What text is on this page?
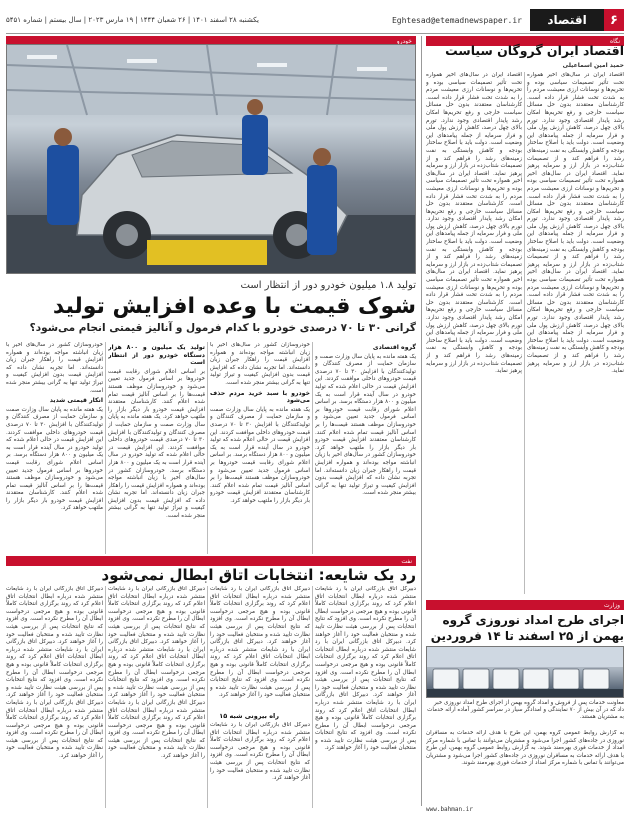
۶
اقتصاد
Eghtesad@etemadnewspaper.ir
یکشنبه ۲۸ اسفند ۱۴۰۱ | ۲۶ شعبان ۱۴۴۴ | ۱۹ مارس ۲۰۲۳ | سال بیستم | شماره ۵۴۵۱
خودرو	نگاه
تولید ۱.۸ میلیون خودرو دور از انتظار است
شوک قیمت با وعده افزایش تولید
گرانی ۳۰ تا ۷۰ درصدی خودرو با کدام فرمول و آنالیز قیمتی انجام می‌شود؟
گروه اقتصادی
یک هفته مانده به پایان سال وزارت صمت و سازمان حمایت از مصرف کنندگان و تولیدکنندگان با افزایش ۳۰ تا ۷۰ درصدی قیمت خودروهای داخلی موافقت کردند. این افزایش قیمت در حالی اعلام شده که تولید خودرو در سال آینده قرار است به یک میلیون و ۸۰۰ هزار دستگاه برسد. بر اساس اعلام شورای رقابت قیمت خودروها بر اساس فرمول جدید تعیین می‌شود و خودروسازان موظف هستند قیمت‌ها را بر اساس آنالیز قیمت تمام شده اعلام کنند. کارشناسان معتقدند افزایش قیمت خودرو بار دیگر بازار را ملتهب خواهد کرد. خودروسازان کشور در سال‌های اخیر با زیان انباشته مواجه بوده‌اند و همواره افزایش قیمت را راهکار جبران زیان دانسته‌اند. اما تجربه نشان داده که افزایش قیمت بدون افزایش کیفیت و تیراژ تولید تنها به گرانی بیشتر منجر شده است.
خودروسازان کشور در سال‌های اخیر با زیان انباشته مواجه بوده‌اند و همواره افزایش قیمت را راهکار جبران زیان دانسته‌اند. اما تجربه نشان داده که افزایش قیمت بدون افزایش کیفیت و تیراژ تولید تنها به گرانی بیشتر منجر شده است.
خودرو با سبد خرید مردم حذف می‌شود
یک هفته مانده به پایان سال وزارت صمت و سازمان حمایت از مصرف کنندگان و تولیدکنندگان با افزایش ۳۰ تا ۷۰ درصدی قیمت خودروهای داخلی موافقت کردند. این افزایش قیمت در حالی اعلام شده که تولید خودرو در سال آینده قرار است به یک میلیون و ۸۰۰ هزار دستگاه برسد. بر اساس اعلام شورای رقابت قیمت خودروها بر اساس فرمول جدید تعیین می‌شود و خودروسازان موظف هستند قیمت‌ها را بر اساس آنالیز قیمت تمام شده اعلام کنند. کارشناسان معتقدند افزایش قیمت خودرو بار دیگر بازار را ملتهب خواهد کرد.
تولید یک میلیون و ۸۰۰ هزار دستگاه خودرو دور از انتظار است
بر اساس اعلام شورای رقابت قیمت خودروها بر اساس فرمول جدید تعیین می‌شود و خودروسازان موظف هستند قیمت‌ها را بر اساس آنالیز قیمت تمام شده اعلام کنند. کارشناسان معتقدند افزایش قیمت خودرو بار دیگر بازار را ملتهب خواهد کرد. یک هفته مانده به پایان سال وزارت صمت و سازمان حمایت از مصرف کنندگان و تولیدکنندگان با افزایش ۳۰ تا ۷۰ درصدی قیمت خودروهای داخلی موافقت کردند. این افزایش قیمت در حالی اعلام شده که تولید خودرو در سال آینده قرار است به یک میلیون و ۸۰۰ هزار دستگاه برسد. خودروسازان کشور در سال‌های اخیر با زیان انباشته مواجه بوده‌اند و همواره افزایش قیمت را راهکار جبران زیان دانسته‌اند. اما تجربه نشان داده که افزایش قیمت بدون افزایش کیفیت و تیراژ تولید تنها به گرانی بیشتر منجر شده است.
خودروسازان کشور در سال‌های اخیر با زیان انباشته مواجه بوده‌اند و همواره افزایش قیمت را راهکار جبران زیان دانسته‌اند. اما تجربه نشان داده که افزایش قیمت بدون افزایش کیفیت و تیراژ تولید تنها به گرانی بیشتر منجر شده است.
انکار قیمتی شدید
یک هفته مانده به پایان سال وزارت صمت و سازمان حمایت از مصرف کنندگان و تولیدکنندگان با افزایش ۳۰ تا ۷۰ درصدی قیمت خودروهای داخلی موافقت کردند. این افزایش قیمت در حالی اعلام شده که تولید خودرو در سال آینده قرار است به یک میلیون و ۸۰۰ هزار دستگاه برسد. بر اساس اعلام شورای رقابت قیمت خودروها بر اساس فرمول جدید تعیین می‌شود و خودروسازان موظف هستند قیمت‌ها را بر اساس آنالیز قیمت تمام شده اعلام کنند. کارشناسان معتقدند افزایش قیمت خودرو بار دیگر بازار را ملتهب خواهد کرد.
اقتصاد ایران گروگان سیاست
حمید امین اسماعیلی
اقتصاد ایران در سال‌های اخیر همواره تحت تأثیر تصمیمات سیاسی بوده و تحریم‌ها و نوسانات ارزی معیشت مردم را به شدت تحت فشار قرار داده است. کارشناسان معتقدند بدون حل مسائل سیاست خارجی و رفع تحریم‌ها امکان رشد پایدار اقتصادی وجود ندارد. تورم بالای چهل درصد، کاهش ارزش پول ملی و فرار سرمایه از جمله پیامدهای این وضعیت است. دولت باید با اصلاح ساختار بودجه و کاهش وابستگی به نفت زمینه‌های رشد را فراهم کند و از تصمیمات شتاب‌زده در بازار ارز و سرمایه پرهیز نماید. اقتصاد ایران در سال‌های اخیر همواره تحت تأثیر تصمیمات سیاسی بوده و تحریم‌ها و نوسانات ارزی معیشت مردم را به شدت تحت فشار قرار داده است. کارشناسان معتقدند بدون حل مسائل سیاست خارجی و رفع تحریم‌ها امکان رشد پایدار اقتصادی وجود ندارد. تورم بالای چهل درصد، کاهش ارزش پول ملی و فرار سرمایه از جمله پیامدهای این وضعیت است. دولت باید با اصلاح ساختار بودجه و کاهش وابستگی به نفت زمینه‌های رشد را فراهم کند و از تصمیمات شتاب‌زده در بازار ارز و سرمایه پرهیز نماید. اقتصاد ایران در سال‌های اخیر همواره تحت تأثیر تصمیمات سیاسی بوده و تحریم‌ها و نوسانات ارزی معیشت مردم را به شدت تحت فشار قرار داده است. کارشناسان معتقدند بدون حل مسائل سیاست خارجی و رفع تحریم‌ها امکان رشد پایدار اقتصادی وجود ندارد. تورم بالای چهل درصد، کاهش ارزش پول ملی و فرار سرمایه از جمله پیامدهای این وضعیت است. دولت باید با اصلاح ساختار بودجه و کاهش وابستگی به نفت زمینه‌های رشد را فراهم کند و از تصمیمات شتاب‌زده در بازار ارز و سرمایه پرهیز نماید.
اقتصاد ایران در سال‌های اخیر همواره تحت تأثیر تصمیمات سیاسی بوده و تحریم‌ها و نوسانات ارزی معیشت مردم را به شدت تحت فشار قرار داده است. کارشناسان معتقدند بدون حل مسائل سیاست خارجی و رفع تحریم‌ها امکان رشد پایدار اقتصادی وجود ندارد. تورم بالای چهل درصد، کاهش ارزش پول ملی و فرار سرمایه از جمله پیامدهای این وضعیت است. دولت باید با اصلاح ساختار بودجه و کاهش وابستگی به نفت زمینه‌های رشد را فراهم کند و از تصمیمات شتاب‌زده در بازار ارز و سرمایه پرهیز نماید. اقتصاد ایران در سال‌های اخیر همواره تحت تأثیر تصمیمات سیاسی بوده و تحریم‌ها و نوسانات ارزی معیشت مردم را به شدت تحت فشار قرار داده است. کارشناسان معتقدند بدون حل مسائل سیاست خارجی و رفع تحریم‌ها امکان رشد پایدار اقتصادی وجود ندارد. تورم بالای چهل درصد، کاهش ارزش پول ملی و فرار سرمایه از جمله پیامدهای این وضعیت است. دولت باید با اصلاح ساختار بودجه و کاهش وابستگی به نفت زمینه‌های رشد را فراهم کند و از تصمیمات شتاب‌زده در بازار ارز و سرمایه پرهیز نماید. اقتصاد ایران در سال‌های اخیر همواره تحت تأثیر تصمیمات سیاسی بوده و تحریم‌ها و نوسانات ارزی معیشت مردم را به شدت تحت فشار قرار داده است. کارشناسان معتقدند بدون حل مسائل سیاست خارجی و رفع تحریم‌ها امکان رشد پایدار اقتصادی وجود ندارد. تورم بالای چهل درصد، کاهش ارزش پول ملی و فرار سرمایه از جمله پیامدهای این وضعیت است. دولت باید با اصلاح ساختار بودجه و کاهش وابستگی به نفت زمینه‌های رشد را فراهم کند و از تصمیمات شتاب‌زده در بازار ارز و سرمایه پرهیز نماید.
نفت
رد یک شایعه: انتخابات اتاق ابطال نمی‌شود
دبیرکل اتاق بازرگانی ایران با رد شایعات منتشر شده درباره ابطال انتخابات اتاق اعلام کرد که روند برگزاری انتخابات کاملاً قانونی بوده و هیچ مرجعی درخواست ابطال آن را مطرح نکرده است. وی افزود که نتایج انتخابات پس از بررسی هیئت نظارت تایید شده و منتخبان فعالیت خود را آغاز خواهند کرد. دبیرکل اتاق بازرگانی ایران با رد شایعات منتشر شده درباره ابطال انتخابات اتاق اعلام کرد که روند برگزاری انتخابات کاملاً قانونی بوده و هیچ مرجعی درخواست ابطال آن را مطرح نکرده است. وی افزود که نتایج انتخابات پس از بررسی هیئت نظارت تایید شده و منتخبان فعالیت خود را آغاز خواهند کرد. دبیرکل اتاق بازرگانی ایران با رد شایعات منتشر شده درباره ابطال انتخابات اتاق اعلام کرد که روند برگزاری انتخابات کاملاً قانونی بوده و هیچ مرجعی درخواست ابطال آن را مطرح نکرده است. وی افزود که نتایج انتخابات پس از بررسی هیئت نظارت تایید شده و منتخبان فعالیت خود را آغاز خواهند کرد.
دبیرکل اتاق بازرگانی ایران با رد شایعات منتشر شده درباره ابطال انتخابات اتاق اعلام کرد که روند برگزاری انتخابات کاملاً قانونی بوده و هیچ مرجعی درخواست ابطال آن را مطرح نکرده است. وی افزود که نتایج انتخابات پس از بررسی هیئت نظارت تایید شده و منتخبان فعالیت خود را آغاز خواهند کرد. دبیرکل اتاق بازرگانی ایران با رد شایعات منتشر شده درباره ابطال انتخابات اتاق اعلام کرد که روند برگزاری انتخابات کاملاً قانونی بوده و هیچ مرجعی درخواست ابطال آن را مطرح نکرده است. وی افزود که نتایج انتخابات پس از بررسی هیئت نظارت تایید شده و منتخبان فعالیت خود را آغاز خواهند کرد.
راه بیرونی شبه ۱۵
دبیرکل اتاق بازرگانی ایران با رد شایعات منتشر شده درباره ابطال انتخابات اتاق اعلام کرد که روند برگزاری انتخابات کاملاً قانونی بوده و هیچ مرجعی درخواست ابطال آن را مطرح نکرده است. وی افزود که نتایج انتخابات پس از بررسی هیئت نظارت تایید شده و منتخبان فعالیت خود را آغاز خواهند کرد.
دبیرکل اتاق بازرگانی ایران با رد شایعات منتشر شده درباره ابطال انتخابات اتاق اعلام کرد که روند برگزاری انتخابات کاملاً قانونی بوده و هیچ مرجعی درخواست ابطال آن را مطرح نکرده است. وی افزود که نتایج انتخابات پس از بررسی هیئت نظارت تایید شده و منتخبان فعالیت خود را آغاز خواهند کرد. دبیرکل اتاق بازرگانی ایران با رد شایعات منتشر شده درباره ابطال انتخابات اتاق اعلام کرد که روند برگزاری انتخابات کاملاً قانونی بوده و هیچ مرجعی درخواست ابطال آن را مطرح نکرده است. وی افزود که نتایج انتخابات پس از بررسی هیئت نظارت تایید شده و منتخبان فعالیت خود را آغاز خواهند کرد. دبیرکل اتاق بازرگانی ایران با رد شایعات منتشر شده درباره ابطال انتخابات اتاق اعلام کرد که روند برگزاری انتخابات کاملاً قانونی بوده و هیچ مرجعی درخواست ابطال آن را مطرح نکرده است. وی افزود که نتایج انتخابات پس از بررسی هیئت نظارت تایید شده و منتخبان فعالیت خود را آغاز خواهند کرد.
دبیرکل اتاق بازرگانی ایران با رد شایعات منتشر شده درباره ابطال انتخابات اتاق اعلام کرد که روند برگزاری انتخابات کاملاً قانونی بوده و هیچ مرجعی درخواست ابطال آن را مطرح نکرده است. وی افزود که نتایج انتخابات پس از بررسی هیئت نظارت تایید شده و منتخبان فعالیت خود را آغاز خواهند کرد. دبیرکل اتاق بازرگانی ایران با رد شایعات منتشر شده درباره ابطال انتخابات اتاق اعلام کرد که روند برگزاری انتخابات کاملاً قانونی بوده و هیچ مرجعی درخواست ابطال آن را مطرح نکرده است. وی افزود که نتایج انتخابات پس از بررسی هیئت نظارت تایید شده و منتخبان فعالیت خود را آغاز خواهند کرد. دبیرکل اتاق بازرگانی ایران با رد شایعات منتشر شده درباره ابطال انتخابات اتاق اعلام کرد که روند برگزاری انتخابات کاملاً قانونی بوده و هیچ مرجعی درخواست ابطال آن را مطرح نکرده است. وی افزود که نتایج انتخابات پس از بررسی هیئت نظارت تایید شده و منتخبان فعالیت خود را آغاز خواهند کرد.
وزارت
اجرای طرح امداد نوروزی گروه بهمن از ۲۵ اسفند تا ۱۴ فروردین
معاونت خدمات پس از فروش و امداد گروه بهمن از اجرای طرح امداد نوروزی خبر داد که در آن بیش از ۷۰ نمایندگی و امدادگر سیار در سراسر کشور آماده ارائه خدمات به مشتریان هستند.
به گزارش روابط عمومی گروه بهمن، این طرح با هدف ارائه خدمات به مسافران نوروزی در جاده‌های کشور اجرا می‌شود و مشتریان می‌توانند با تماس با شماره مرکز امداد از خدمات فوری بهره‌مند شوند. به گزارش روابط عمومی گروه بهمن، این طرح با هدف ارائه خدمات به مسافران نوروزی در جاده‌های کشور اجرا می‌شود و مشتریان می‌توانند با تماس با شماره مرکز امداد از خدمات فوری بهره‌مند شوند.
www.bahman.ir
